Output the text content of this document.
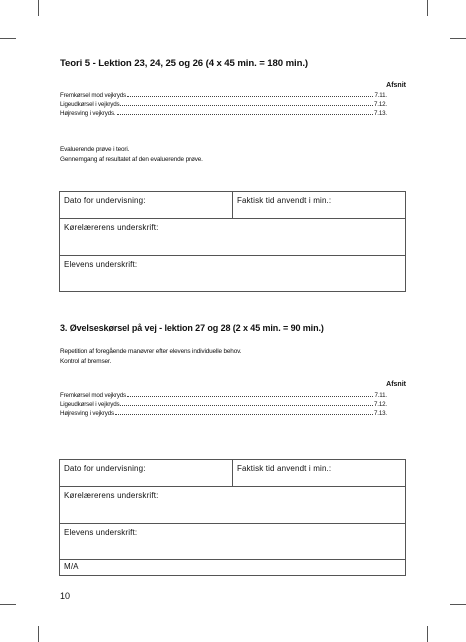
Teori 5 - Lektion 23, 24, 25 og 26 (4 x 45 min. = 180 min.)
Afsnit
Fremkørsel mod vejkryds	7.11.
Ligeudkørsel i vejkryds	7.12.
Højresving i vejkryds.	7.13.
Evaluerende prøve i teori.
Gennemgang af resultatet af den evaluerende prøve.
Dato for undervisning:	Faktisk tid anvendt i min.:
Kørelærerens underskrift:
Elevens underskrift:
3. Øvelseskørsel på vej - lektion 27 og 28 (2 x 45 min. = 90 min.)
Repetition af foregående manøvrer efter elevens individuelle behov.
Kontrol af bremser.
Afsnit
Fremkørsel mod vejkryds	7.11.
Ligeudkørsel i vejkryds	7.12.
Højresving i vejkryds	7.13.
Dato for undervisning:	Faktisk tid anvendt i min.:
Kørelærerens underskrift:
Elevens underskrift:
M/A
10
